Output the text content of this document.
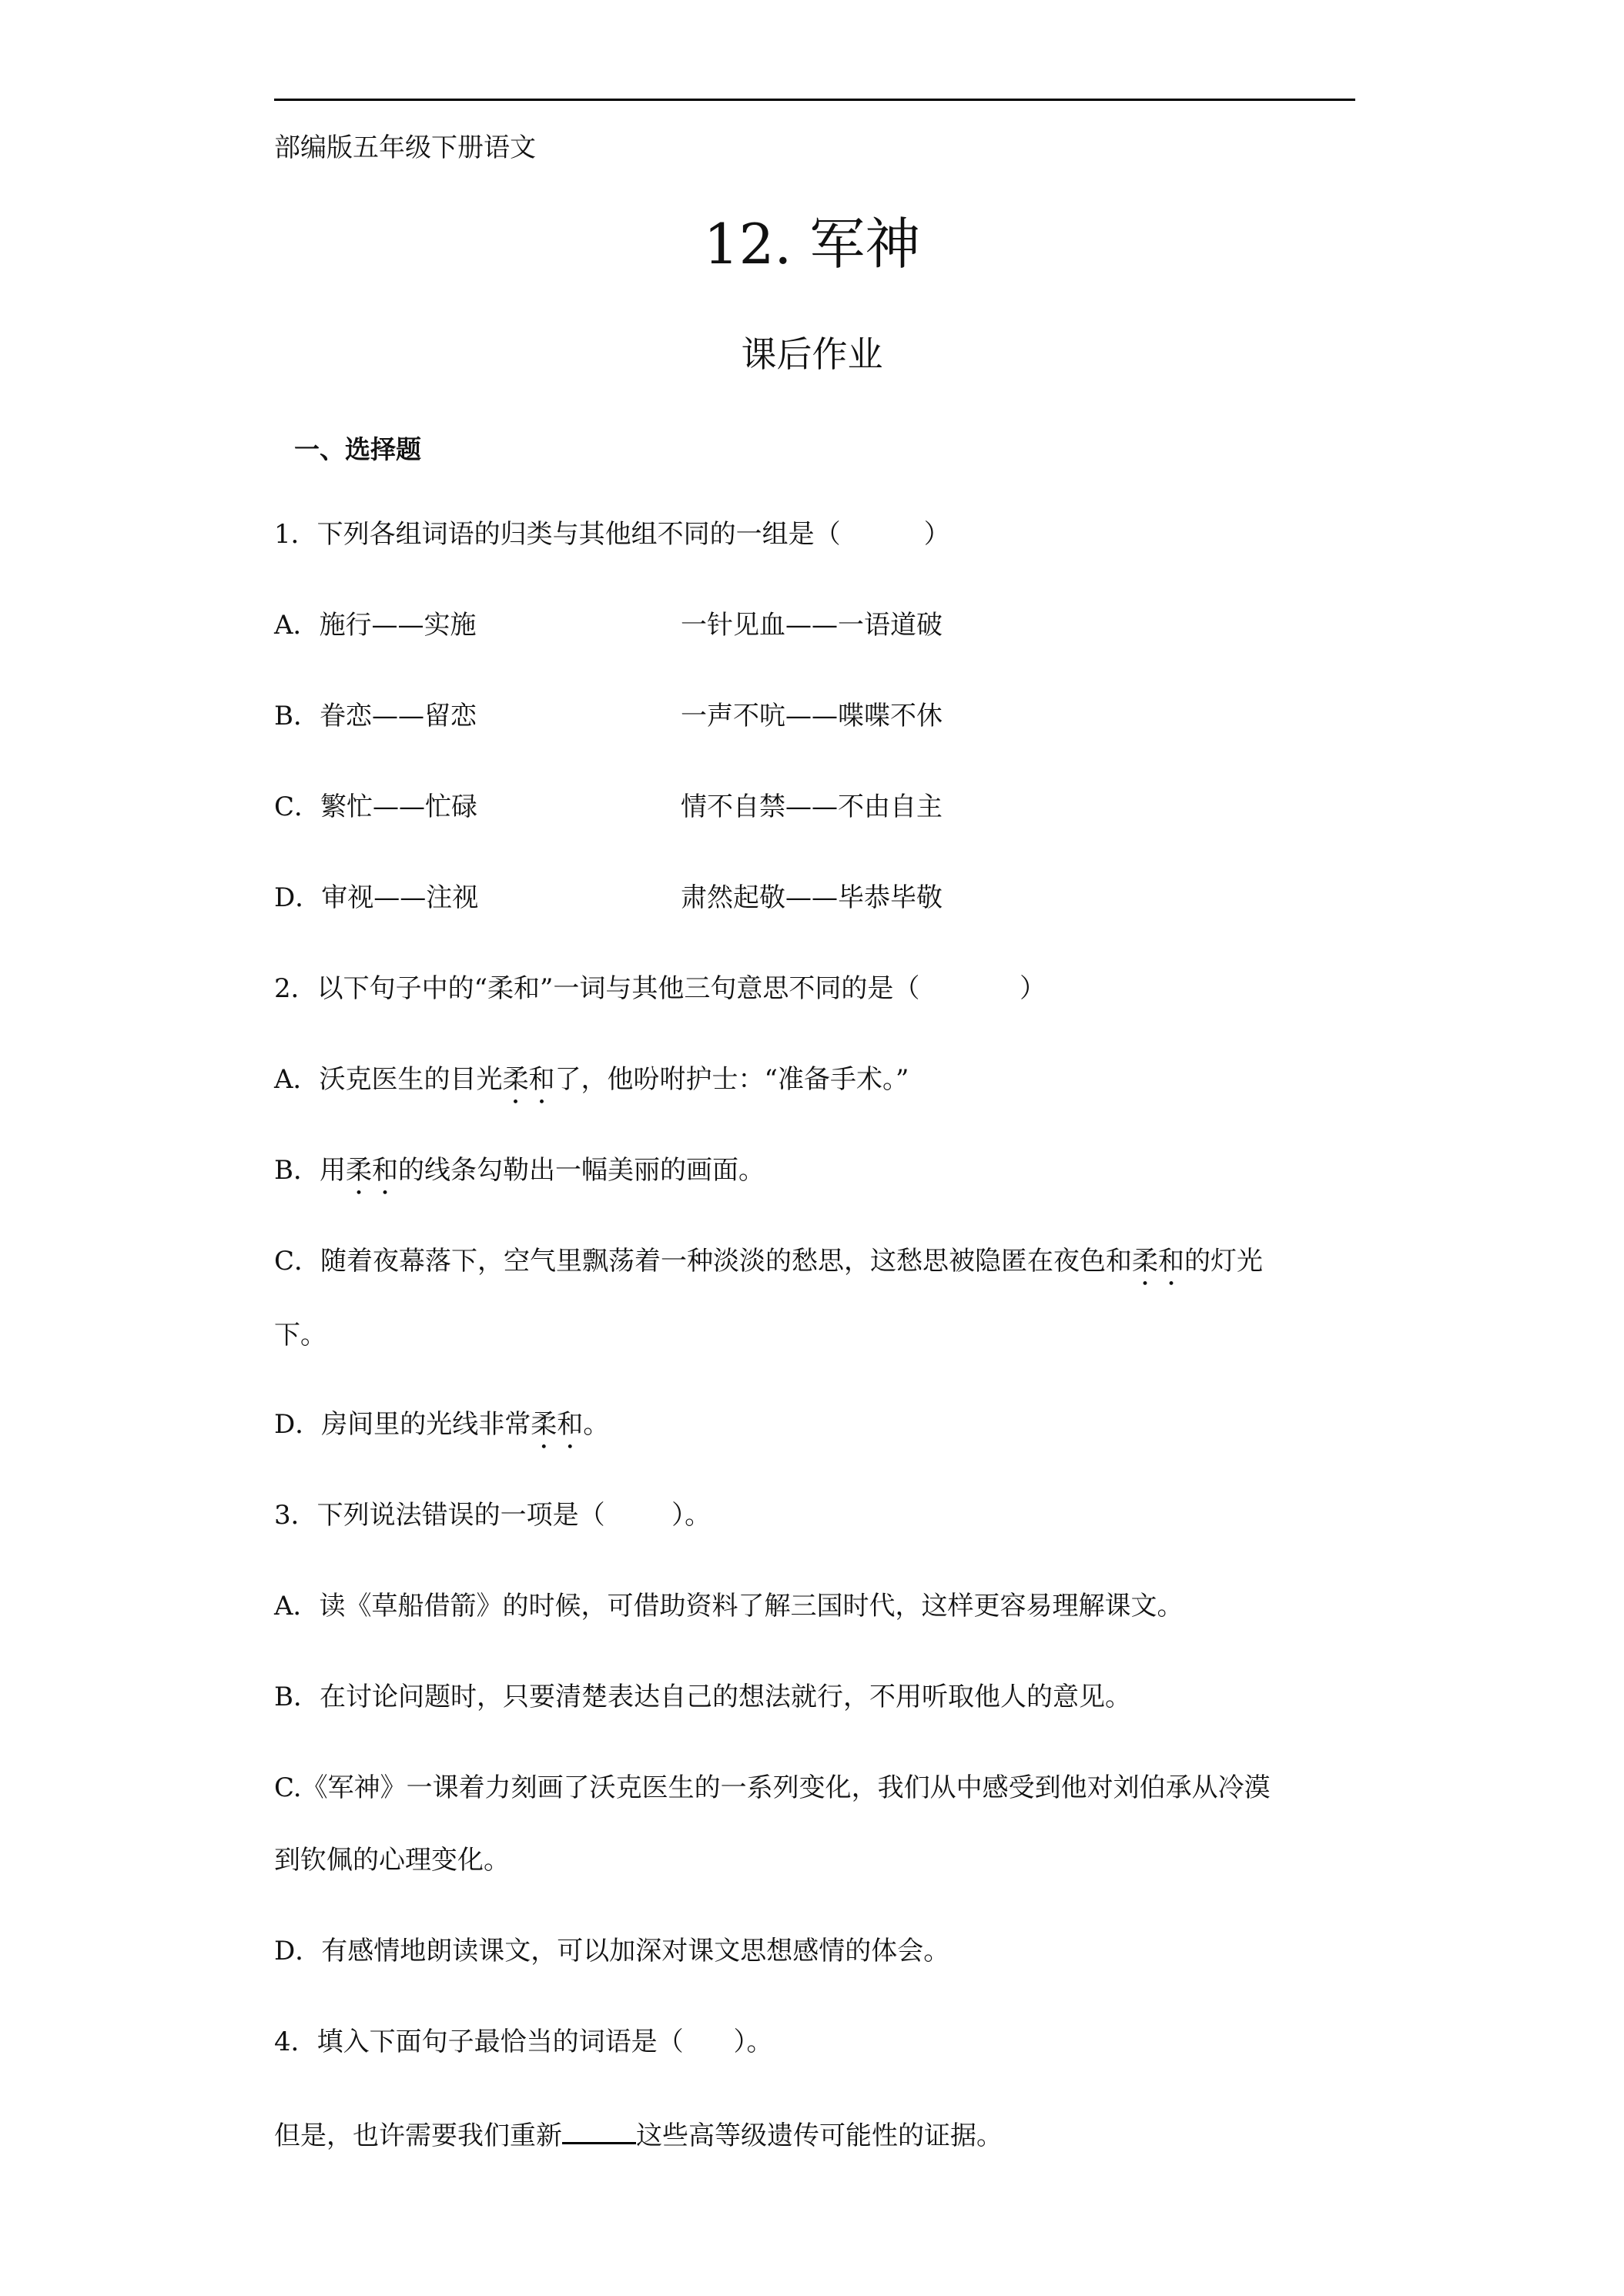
部编版五年级下册语文
12. 军神
课后作业
一、选择题
1．下列各组词语的归类与其他组不同的一组是（          ）
A．施行——实施	一针见血——一语道破
B．眷恋——留恋	一声不吭——喋喋不休
C．繁忙——忙碌	情不自禁——不由自主
D．审视——注视	肃然起敬——毕恭毕敬
2．以下句子中的“柔和”一词与其他三句意思不同的是（            ）
A．沃克医生的目光柔和了，他吩咐护士：“准备手术。”
B．用柔和的线条勾勒出一幅美丽的画面。
C．随着夜幕落下，空气里飘荡着一种淡淡的愁思，这愁思被隐匿在夜色和柔和的灯光
下。
D．房间里的光线非常柔和。
3．下列说法错误的一项是（        ）。
A．读《草船借箭》的时候，可借助资料了解三国时代，这样更容易理解课文。
B．在讨论问题时，只要清楚表达自己的想法就行，不用听取他人的意见。
C.《军神》一课着力刻画了沃克医生的一系列变化，我们从中感受到他对刘伯承从冷漠
到钦佩的心理变化。
D．有感情地朗读课文，可以加深对课文思想感情的体会。
4．填入下面句子最恰当的词语是（      ）。
但是，也许需要我们重新	这些高等级遗传可能性的证据。
